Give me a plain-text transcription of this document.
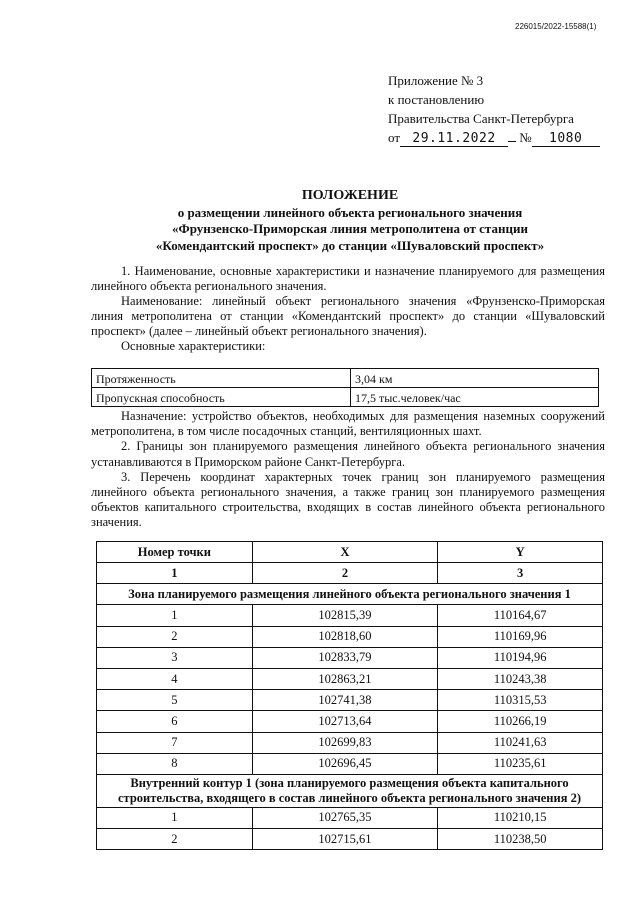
226015/2022-15588(1)
Приложение № 3
к постановлению
Правительства Санкт-Петербурга
от 29.11.2022 № 1080
ПОЛОЖЕНИЕ
о размещении линейного объекта регионального значения
«Фрунзенско-Приморская линия метрополитена от станции
«Комендантский проспект» до станции «Шуваловский проспект»

1. Наименование, основные характеристики и назначение планируемого для размещения линейного объекта регионального значения.

Наименование: линейный объект регионального значения «Фрунзенско-Приморская линия метрополитена от станции «Комендантский проспект» до станции «Шуваловский проспект» (далее – линейный объект регионального значения).

Основные характеристики:

Протяженность	3,04 км
Пропускная способность	17,5 тыс.человек/час

Назначение: устройство объектов, необходимых для размещения наземных сооружений метрополитена, в том числе посадочных станций, вентиляционных шахт.

2. Границы зон планируемого размещения линейного объекта регионального значения устанавливаются в Приморском районе Санкт-Петербурга.

3. Перечень координат характерных точек границ зон планируемого размещения линейного объекта регионального значения, а также границ зон планируемого размещения объектов капитального строительства, входящих в состав линейного объекта регионального значения.

Номер точки	X	Y
1	2	3
Зона планируемого размещения линейного объекта регионального значения 1		
1	102815,39	110164,67
2	102818,60	110169,96
3	102833,79	110194,96
4	102863,21	110243,38
5	102741,38	110315,53
6	102713,64	110266,19
7	102699,83	110241,63
8	102696,45	110235,61
Внутренний контур 1 (зона планируемого размещения объекта капитального строительства, входящего в состав линейного объекта регионального значения 2)		
1	102765,35	110210,15
2	102715,61	110238,50
